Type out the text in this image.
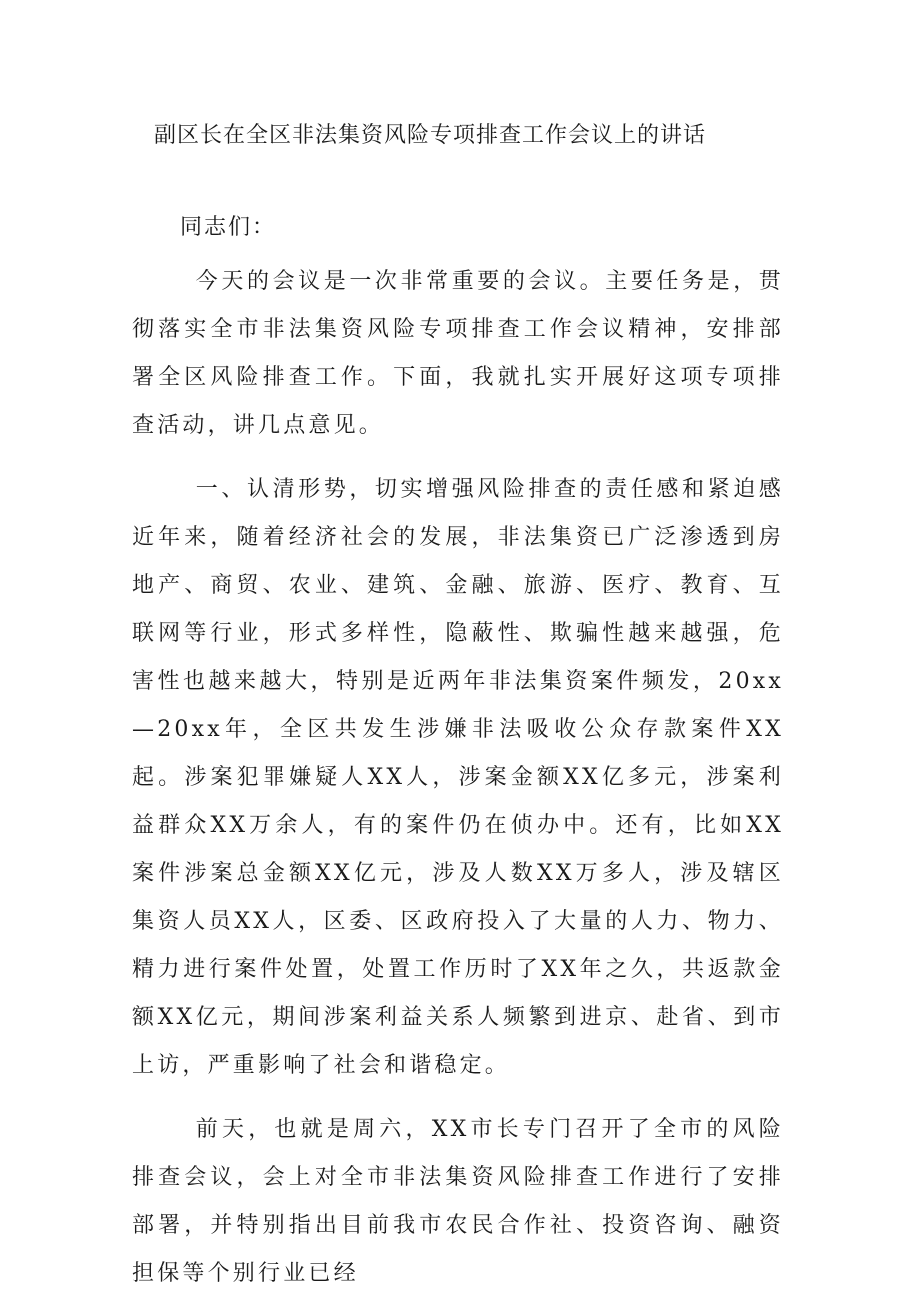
副区长在全区非法集资风险专项排查工作会议上的讲话

同志们：

今天的会议是一次非常重要的会议。主要任务是，贯彻落实全市非法集资风险专项排查工作会议精神，安排部署全区风险排查工作。下面，我就扎实开展好这项专项排查活动，讲几点意见。

一、认清形势，切实增强风险排查的责任感和紧迫感近年来，随着经济社会的发展，非法集资已广泛渗透到房地产、商贸、农业、建筑、金融、旅游、医疗、教育、互联网等行业，形式多样性，隐蔽性、欺骗性越来越强，危害性也越来越大，特别是近两年非法集资案件频发，20xx—20xx年，全区共发生涉嫌非法吸收公众存款案件XX起。涉案犯罪嫌疑人XX人，涉案金额XX亿多元，涉案利益群众XX万余人，有的案件仍在侦办中。还有，比如XX案件涉案总金额XX亿元，涉及人数XX万多人，涉及辖区集资人员XX人，区委、区政府投入了大量的人力、物力、精力进行案件处置，处置工作历时了XX年之久，共返款金额XX亿元，期间涉案利益关系人频繁到进京、赴省、到市上访，严重影响了社会和谐稳定。

前天，也就是周六，XX市长专门召开了全市的风险排查会议，会上对全市非法集资风险排查工作进行了安排部署，并特别指出目前我市农民合作社、投资咨询、融资担保等个别行业已经
